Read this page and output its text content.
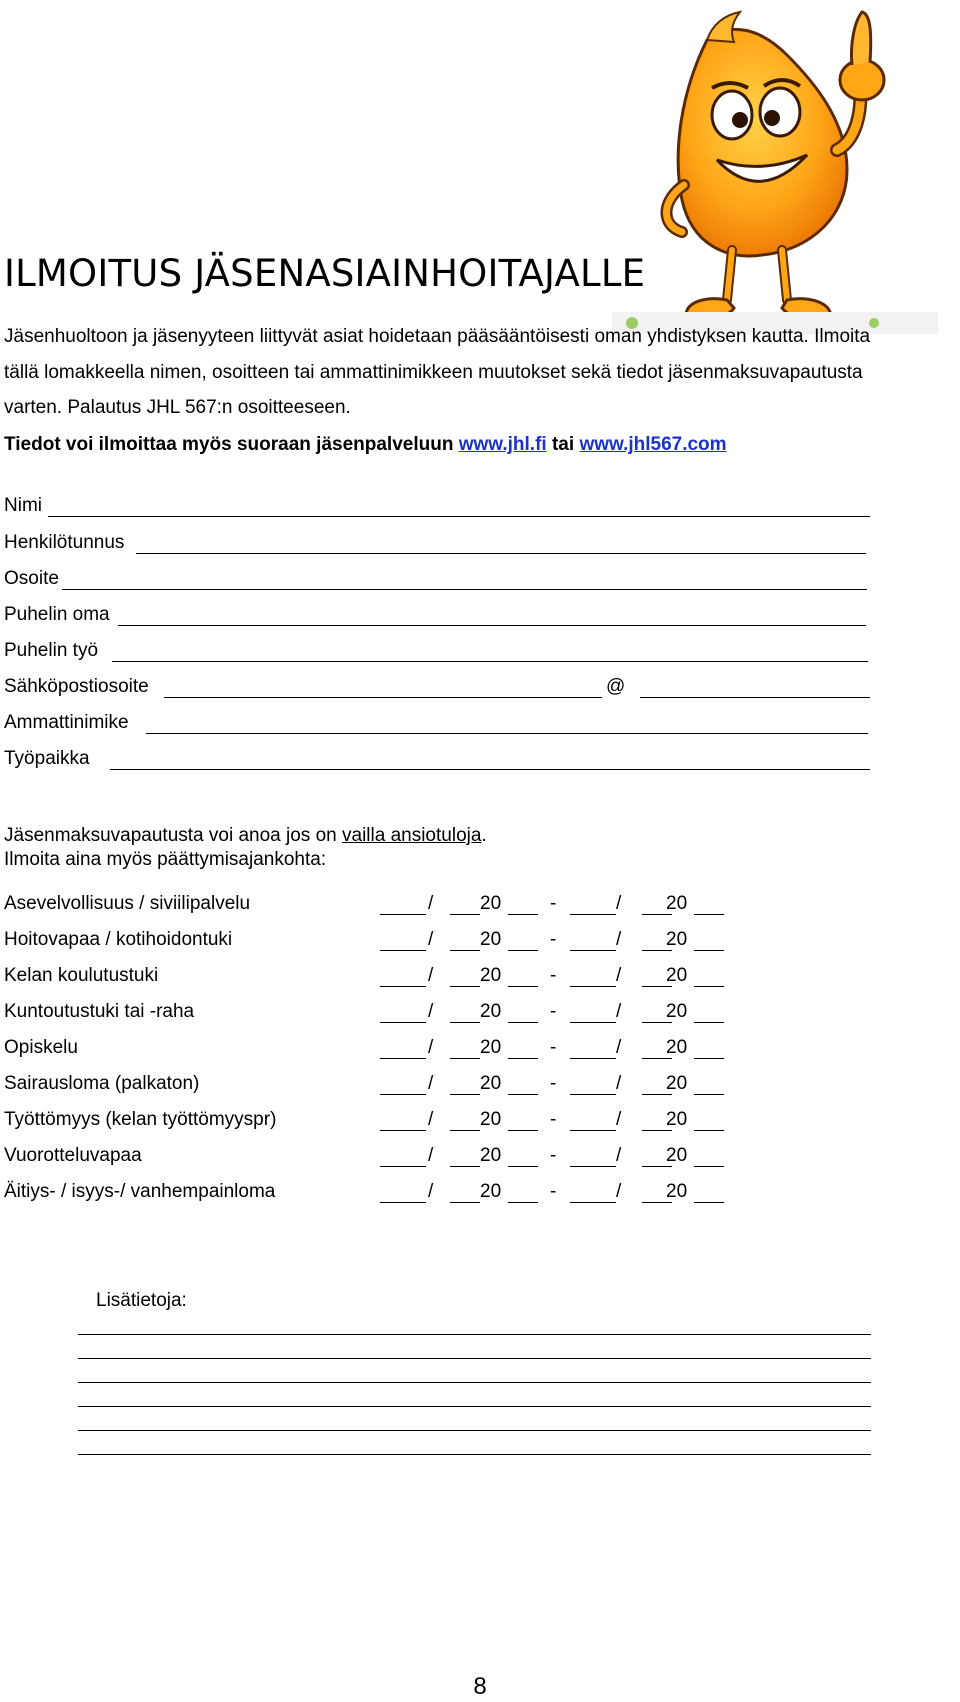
ILMOITUS JÄSENASIAINHOITAJALLE
Jäsenhuoltoon ja jäsenyyteen liittyvät asiat hoidetaan pääsääntöisesti oman yhdistyksen kautta. Ilmoita
tällä lomakkeella nimen, osoitteen tai ammattinimikkeen muutokset sekä tiedot jäsenmaksuvapautusta
varten. Palautus JHL 567:n osoitteeseen.
Tiedot voi ilmoittaa myös suoraan jäsenpalveluun www.jhl.fi tai www.jhl567.com
Nimi
Henkilötunnus
Osoite
Puhelin oma
Puhelin työ
Sähköpostiosoite	@
Ammattinimike
Työpaikka
Jäsenmaksuvapautusta voi anoa jos on vailla ansiotuloja.
Ilmoita aina myös päättymisajankohta:
Asevelvollisuus / siviilipalvelu	/ 20	-	/ 20
Hoitovapaa / kotihoidontuki	/ 20	-	/ 20
Kelan koulutustuki	/ 20	-	/ 20
Kuntoutustuki tai -raha	/ 20	-	/ 20
Opiskelu	/ 20	-	/ 20
Sairausloma (palkaton)	/ 20	-	/ 20
Työttömyys (kelan työttömyyspr)	/ 20	-	/ 20
Vuorotteluvapaa	/ 20	-	/ 20
Äitiys- / isyys-/ vanhempainloma	/ 20	-	/ 20
Lisätietoja:
8
